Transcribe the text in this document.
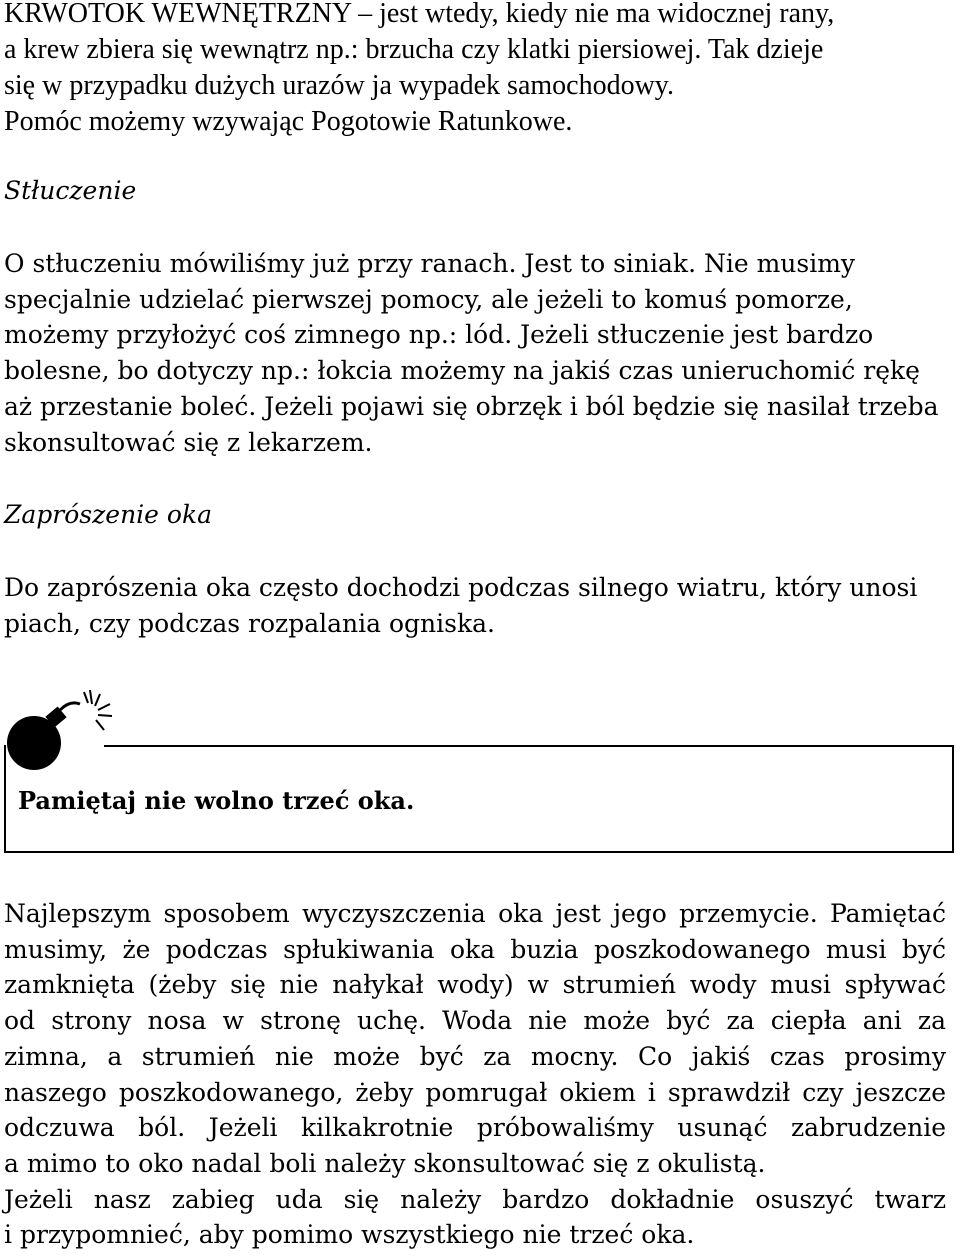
KRWOTOK WEWNĘTRZNY – jest wtedy, kiedy nie ma widocznej rany,
a krew zbiera się wewnątrz np.: brzucha czy klatki piersiowej. Tak dzieje
się w przypadku dużych urazów ja wypadek samochodowy.
Pomóc możemy wzywając Pogotowie Ratunkowe.
Stłuczenie
O stłuczeniu mówiliśmy już przy ranach. Jest to siniak. Nie musimy
specjalnie udzielać pierwszej pomocy, ale jeżeli to komuś pomorze,
możemy przyłożyć coś zimnego np.: lód. Jeżeli stłuczenie jest bardzo
bolesne, bo dotyczy np.: łokcia możemy na jakiś czas unieruchomić rękę
aż przestanie boleć. Jeżeli pojawi się obrzęk i ból będzie się nasilał trzeba
skonsultować się z lekarzem.
Zaprószenie oka
Do zaprószenia oka często dochodzi podczas silnego wiatru, który unosi
piach, czy podczas rozpalania ogniska.
Pamiętaj nie wolno trzeć oka.
Najlepszym sposobem wyczyszczenia oka jest jego przemycie. Pamiętać
musimy, że podczas spłukiwania oka buzia poszkodowanego musi być
zamknięta (żeby się nie nałykał wody) w strumień wody musi spływać
od strony nosa w stronę uchę. Woda nie może być za ciepła ani za
zimna, a strumień nie może być za mocny. Co jakiś czas prosimy
naszego poszkodowanego, żeby pomrugał okiem i sprawdził czy jeszcze
odczuwa ból. Jeżeli kilkakrotnie próbowaliśmy usunąć zabrudzenie
a mimo to oko nadal boli należy skonsultować się z okulistą.
Jeżeli nasz zabieg uda się należy bardzo dokładnie osuszyć twarz
i przypomnieć, aby pomimo wszystkiego nie trzeć oka.
